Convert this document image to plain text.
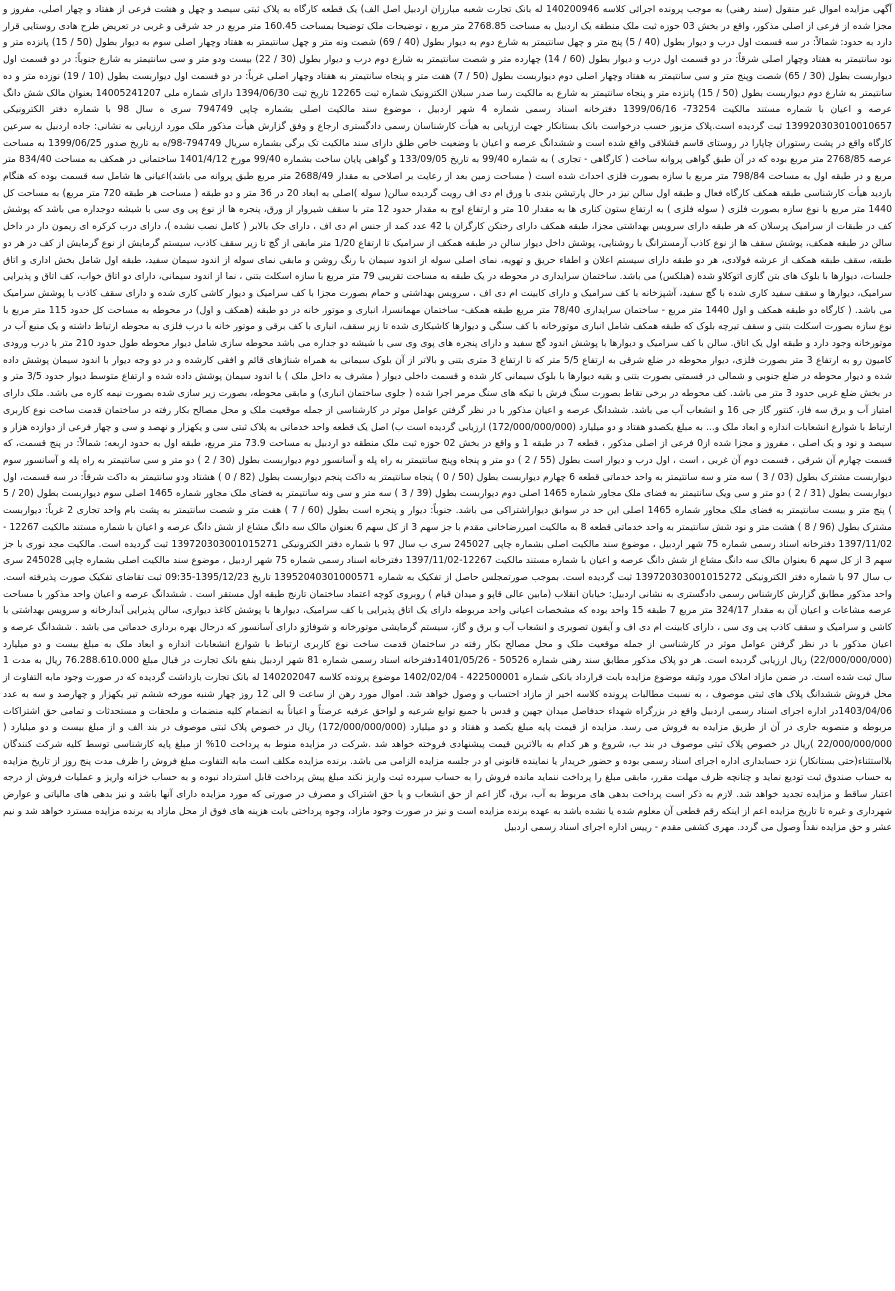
آگهی مزایده اموال غیر منقول (سند رهنی) به موجب پرونده اجرائی کلاسه 140200946 له بانک تجارت شعبه مبارزان اردبیل اصل الف) یک قطعه کارگاه به پلاک ثبتی سیصد و چهل و هشت فرعی از هفتاد و چهار اصلی، مفروز و مجزا شده از فرعی از اصلی مذکور، واقع در بخش 03 حوزه ثبت ملک منطقه یک اردبیل به مساحت 2768.85 متر مربع ، توضیحات ملک توضیحا بمساحت 160.45 متر مربع در حد شرقی و غربی در تعریض طرح هادی روستایی قرار دارد به حدود: شمالاً: در سه قسمت اول درب و دیوار بطول (40 / 5) پنج متر و چهل سانتیمتر به شارع دوم به دیوار بطول (40 / 69) شصت ونه متر و چهل سانتیمتر به هفتاد وچهار اصلی سوم به دیوار بطول (50 / 15) پانزده متر و نود سانتیمتر به هفتاد وچهار اصلی شرقاً: در دو قسمت اول درب و دیوار بطول (60 / 14) چهارده متر و شصت سانتیمتر به شارع دوم درب و دیوار بطول (30 / 22) بیست ودو متر و سی سانتیمتر به شارع جنوباً: در دو قسمت اول دیواربست بطول (30 / 65) شصت وپنج متر و سی سانتیمتر به هفتاد وچهار اصلی دوم دیواربست بطول (50 / 7) هفت متر و پنجاه سانتیمتر به هفتاد وچهار اصلی غرباً: در دو قسمت اول دیواربست بطول (10 / 19) نوزده متر و ده سانتیمتر به شارع دوم دیواربست بطول (50 / 15) پانزده متر و پنجاه سانتیمتر به شارع به مالکیت رسا صدر سبلان الکترونیک شماره ثبت 12265 تاریخ ثبت 1394/06/30 دارای شماره ملی 14005241207 بعنوان مالک شش دانگ عرصه و اعیان با شماره مستند مالکیت 73254- 1399/06/16 دفترخانه اسناد رسمی شماره 4 شهر اردبیل ، موضوع سند مالکیت اصلی بشماره چاپی 794749 سری ه سال 98 با شماره دفتر الکترونیکی 139920303010010657 ثبت گردیده است.پلاک مزبور حسب درخواست بانک بستانکار جهت ارزیابی به هیأت کارشناسان رسمی دادگستری ارجاع و وفق گزارش هیأت مذکور ملک مورد ارزیابی به نشانی: جاده اردبیل به سرعین کارگاه واقع در پشت رستوران چاپارا در روستای قاسم قشلاقی واقع شده است و ششدانگ عرصه و اعیان با وضعیت خاص طلق دارای سند مالکیت تک برگی بشماره سریال 794749-98/ه به تاریخ صدور 1399/06/25 به مساحت عرصه 2768/85 متر مربع بوده که در آن طبق گواهی پروانه ساخت ( کارگاهی - تجاری ) به شماره 99/40 به تاریخ 133/09/05 و گواهی پایان ساخت بشماره 99/40 مورخ 1401/4/12 ساختمانی در همکف به مساحت 834/40 متر مربع و در طبقه اول به مساحت 798/84 متر مربع با سازه بصورت فلزی احداث شده است ( مساحت زمین بعد از رعایت بر اصلاحی به مقدار 2688/49 متر مربع طبق پروانه می باشد)اعیانی ها شامل سه قسمت بوده که هنگام بازدید هیأت کارشناسی طبقه همکف کارگاه فعال و طبقه اول سالن نیز در حال پارتیشن بندی با ورق ام دی اف رویت گردیده سالن( سوله )اصلی به ابعاد 20 در 36 متر و دو طبقه ( مساحت هر طبقه 720 متر مربع) به مساحت کل 1440 متر مربع با نوع سازه بصورت فلزی ( سوله فلزی ) به ارتفاع ستون کناری ها به مقدار 10 متر و ارتفاع اوج به مقدار حدود 12 متر با سقف شیروار از ورق، پنجره ها از نوع پی وی سی با شیشه دوجداره می باشد که پوشش کف در طبقات از سرامیک پرسلان که هر طبقه دارای سرویس بهداشتی مجزا، طبقه همکف دارای رختکن کارگران با 42 عدد کمد از جنس ام دی اف ، دارای جک بالابر ( کامل نصب نشده )، دارای درب کرکره ای ریمون دار در داخل سالن در طبقه همکف، پوشش سقف ها از نوع کاذب آرمسترانگ با روشنایی، پوشش داخل دیوار سالن در طبقه همکف از سرامیک تا ارتفاع 1/20 متر مابقی از گچ تا زیر سقف کاذب، سیستم گرمایش از نوع گرمایش از کف در هر دو طبقه، سقف طبقه همکف از عرشه فولادی، هر دو طبقه دارای سیستم اعلان و اطفاء حریق و تهویه، نمای اصلی سوله از اندود سیمان با رنگ روشن و مابقی نمای سوله از اندود سیمان سفید، طبقه اول شامل بخش اداری و اتاق جلسات، دیوارها با بلوک های بتن گازی اتوکلاو شده (هبلکس) می باشد. ساختمان سرایداری در محوطه در یک طبقه به مساحت تقریبی 79 متر مربع با سازه اسکلت بتنی ، نما از اندود سیمانی، دارای دو اتاق خواب، کف اتاق و پذیرایی سرامیک، دیوارها و سقف سفید کاری شده با گچ سفید، آشپزخانه با کف سرامیک و دارای کابینت ام دی اف ، سرویس بهداشتی و حمام بصورت مجزا با کف سرامیک و دیوار کاشی کاری شده و دارای سقف کاذب با پوشش سرامیک می باشد. ( کارگاه دو طبقه همکف و اول 1440 متر مربع - ساختمان سرایداری 78/40 متر مربع طبقه همکف- ساختمان مهمانسرا، انباری و موتور خانه در دو طبقه (همکف و اول) در محوطه به مساحت کل حدود 115 متر مربع با نوع سازه بصورت اسکلت بتنی و سقف تیرچه بلوک که طبقه همکف شامل انباری موتورخانه با کف سنگی و دیوارها کاشیکاری شده تا زیر سقف، انباری با کف برقی و موتور خانه با درب فلزی به محوطه ارتباط داشته و یک منبع آب در موتورخانه وجود دارد و طبقه اول یک اتاق. سالن با کف سرامیک و دیوارها با پوشش اندود گچ سفید و دارای پنجره های پوی وی سی با شیشه دو جداره می باشد محوطه سازی شامل دیوار محوطه طول حدود 210 متر با درب ورودی کامیون رو به ارتفاع 3 متر بصورت فلزی، دیوار محوطه در ضلع شرقی به ارتفاع 5/5 متر که تا ارتفاع 3 متری بتنی و بالاتر از آن بلوک سیمانی به همراه شناژهای قائم و افقی کارشده و در دو وجه دیوار با اندود سیمان پوشش داده شده و دیوار محوطه در ضلع جنوبی و شمالی در قسمتی بصورت بتنی و بقیه دیوارها با بلوک سیمانی کار شده و قسمت داخلی دیوار ( مشرف به داخل ملک ) با اندود سیمان پوشش داده شده و ارتفاع متوسط دیوار حدود 3/5 متر و در بخش ضلع غربی حدود 3 متر می باشد. کف محوطه در برخی نقاط بصورت سنگ فرش با تیکه های سنگ مرمر اجرا شده ( جلوی ساختمان انباری) و مابقی محوطه، بصورت زیر سازی شده بصورت نیمه کاره می باشد. ملک دارای امتیاز آب و برق سه فاز، کنتور گاز جی 16 و انشعاب آب می باشد. ششدانگ عرصه و اعیان مذکور با در نظر گرفتن عوامل موثر در کارشناسی از جمله موقعیت ملک و محل مصالح بکار رفته در ساختمان قدمت ساخت نوع کاربری ارتباط با شوارع انشعابات اندازه و ابعاد ملک و... به مبلغ یکصدو هفتاد و دو میلیارد (172/000/000/000) ارزیابی گردیده است ب) اصل یک قطعه واحد خدماتی به پلاک ثبتی سی و یکهزار و نهصد و سی و چهار فرعی از دوازده هزار و سیصد و نود و یک اصلی ، مفروز و مجزا شده از0 فرعی از اصلی مذکور ، قطعه 7 در طبقه 1 و واقع در بخش 02 حوزه ثبت ملک منطقه دو اردبیل به مساحت 73.9 متر مربع، طبقه اول به حدود اربعه: شمالاً: در پنج قسمت، که قسمت چهارم آن شرقی ، قسمت دوم آن غربی ، است ، اول درب و دیوار است بطول (55 / 2 ) دو متر و پنجاه وپنج سانتیمتر به راه پله و آسانسور دوم دیواربست بطول (30 / 2 ) دو متر و سی سانتیمتر به راه پله و آسانسور سوم دیواربست مشترک بطول (03 / 3 ) سه متر و سه سانتیمتر به واحد خدماتی قطعه 6 چهارم دیواربست بطول (50 / 0 ) پنجاه سانتیمتر به داکت پنجم دیواربست بطول (82 / 0 ) هشتاد ودو سانتیمتر به داکت شرقاً: در سه قسمت، اول دیواربست بطول (31 / 2 ) دو متر و سی ویک سانتیمتر به فضای ملک مجاور شماره 1465 اصلی دوم دیواربست بطول (39 / 3 ) سه متر و سی ونه سانتیمتر به فضای ملک مجاور شماره 1465 اصلی سوم دیواربست بطول (20 / 5 ) پنج متر و بیست سانتیمتر به فضای ملک مجاور شماره 1465 اصلی این حد در سوابق دیواراشتراکی می باشد. جنوباً: دیوار و پنجره است بطول (60 / 7 ) هفت متر و شصت سانتیمتر به پشت بام واحد تجاری 2 غرباً: دیواربست مشترک بطول (96 / 8 ) هشت متر و نود شش سانتیمتر به واحد خدماتی قطعه 8 به مالکیت امیررضاخانی مقدم با جز سهم 3 از کل سهم 6 بعنوان مالک سه دانگ مشاع از شش دانگ عرصه و اعیان با شماره مستند مالکیت 12267 - 1397/11/02 دفترخانه اسناد رسمی شماره 75 شهر اردبیل ، موضوع سند مالکیت اصلی بشماره چاپی 245027 سری ب سال 97 با شماره دفتر الکترونیکی 139720303001015271 ثبت گردیده است. مالکیت مجد نوری با جز سهم 3 از کل سهم 6 بعنوان مالک سه دانگ مشاع از شش دانگ عرصه و اعیان با شماره مستند مالکیت 12267-1397/11/02 دفترخانه اسناد رسمی شماره 75 شهر اردبیل ، موضوع سند مالکیت اصلی بشماره چاپی 245028 سری ب سال 97 با شماره دفتر الکترونیکی 139720303001015272 ثبت گردیده است. بموجب صورتمجلس حاصل از تفکیک به شماره 13952040301000571 تاریخ 1395/12/23-09:35 ثبت تقاضای تفکیک صورت پذیرفته است. واحد مذکور مطابق گزارش کارشناس رسمی دادگستری به نشانی اردبیل: خیابان انقلاب (مابین عالی قاپو و میدان قیام ) روبروی کوچه اعتماد ساختمان تارنج طبقه اول مستقر است . ششدانگ عرصه و اعیان واحد مذکور با مساحت عرصه مشاعات و اعیان آن به مقدار 324/17 متر مربع 7 طبقه 15 واحد بوده که مشخصات اعیانی واحد مربوطه دارای یک اتاق پذیرایی با کف سرامیک، دیوارها با پوشش کاغذ دیواری، سالن پذیرایی آبدارخانه و سرویس بهداشتی با کاشی و سرامیک و سقف کاذب پی وی سی ، دارای کابینت ام دی اف و آیفون تصویری و انشعاب آب و برق و گاز، سیستم گرمایشی موتورخانه و شوفاژو دارای آسانسور که درحال بهره برداری خدماتی می باشد . ششدانگ عرصه و اعیان مذکور با در نظر گرفتن عوامل موثر در کارشناسی از جمله موقعیت ملک و محل مصالح بکار رفته در ساختمان قدمت ساخت نوع کاربری ارتباط با شوارع انشعابات اندازه و ابعاد ملک به مبلغ بیست و دو میلیارد (22/000/000/000) ریال ارزیابی گردیده است. هر دو پلاک مذکور مطابق سند رهنی شماره 50526 - 1401/05/26دفترخانه اسناد رسمی شماره 81 شهر اردبیل بنفع بانک تجارت در قبال مبلغ 76.288.610.000 ریال به مدت 1 سال ثبت شده است. در ضمن مازاد املاک مورد وثیقه موضوع مزایده بابت قرارداد بانکی شماره 422500001 - 1402/02/04 موضوع پرونده کلاسه 140202047 له بانک تجارت بازداشت گردیده که در صورت وجود مابه التفاوت از محل فروش ششدانگ پلاک های ثبتی موصوف ، به نسبت مطالبات پرونده کلاسه اخیر از مازاد احتساب و وصول خواهد شد. اموال مورد رهن از ساعت 9 الی 12 روز چهار شنبه مورخه ششم تیر یکهزار و چهارصد و سه به عدد 1403/04/06در اداره اجرای اسناد رسمی اردبیل واقع در بزرگراه شهداء حدفاصل میدان جهین و قدس با جمیع توابع شرعیه و لواحق عرفیه عرصتاً و اعیاناً به انضمام کلیه منضمات و ملحقات و مستحدثات و تمامی حق اشتراکات مربوطه و منصوبه جاری در آن از طریق مزایده به فروش می رسد. مزایده از قیمت پایه مبلغ یکصد و هفتاد و دو میلیارد (172/000/000/000) ریال در خصوص پلاک ثبتی موصوف در بند الف و از مبلغ بیست و دو میلیارد ( 22/000/000/000 )ریال در خصوص پلاک ثبتی موصوف در بند ب، شروع و هر کدام به بالاترین قیمت پیشنهادی فروخته خواهد شد .شرکت در مزایده منوط به پرداخت 10% از مبلغ پایه کارشناسی توسط کلیه شرکت کنندگان بلااستثناء(حتی بستانکار) نزد حسابداری اداره اجرای اسناد رسمی بوده و حضور خریدار یا نماینده قانونی او در جلسه مزایده الزامی می باشد. برنده مزایده مکلف است مابه التفاوت مبلغ فروش را ظرف مدت پنج روز از تاریخ مزایده به حساب صندوق ثبت تودیع نماید و چنانچه ظرف مهلت مقرر، مابقی مبلغ را پرداخت ننماید مانده فروش را به حساب سپرده ثبت واریز نکند مبلغ پیش پرداخت قابل استرداد نبوده و به حساب خزانه واریز و عملیات فروش از درجه اعتبار ساقط و مزایده تجدید خواهد شد. لازم به ذکر است پرداخت بدهی های مربوط به آب، برق، گاز اعم از حق انشعاب و یا حق اشتراک و مصرف در صورتی که مورد مزایده دارای آنها باشد و نیز بدهی های مالیاتی و عوارض شهرداری و غیره تا تاریخ مزایده اعم از اینکه رقم قطعی آن معلوم شده یا نشده باشد به عهده برنده مزایده است و نیز در صورت وجود مازاد، وجوه پرداختی بابت هزینه های فوق از محل مازاد به برنده مزایده مسترد خواهد شد و نیم عشر و حق مزایده نقداً وصول می گردد. مهری کشفی مقدم - رییس اداره اجرای اسناد رسمی اردبیل
